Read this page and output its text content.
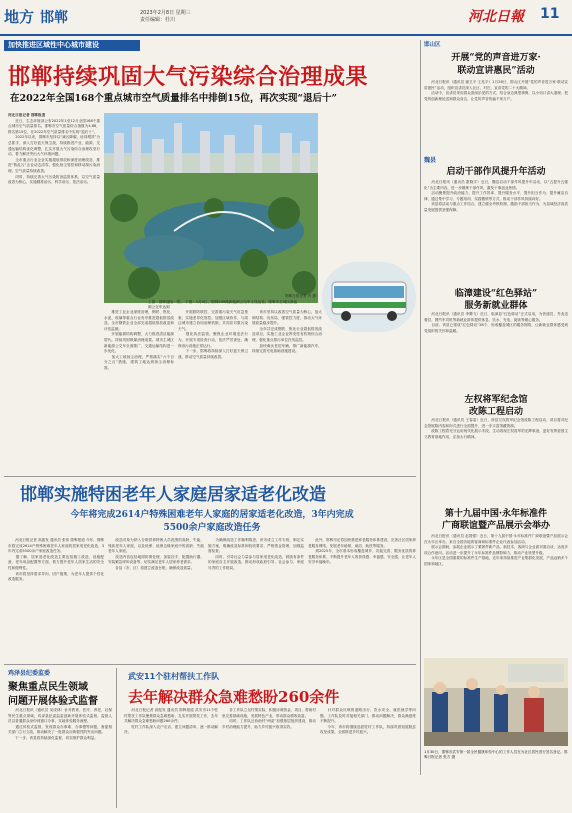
地方 邯郸	2023年2月8日 星期三
责任编辑：杜川	河北日報 11
加快推进区域性中心城市建设	邯山区
邯郸持续巩固大气污染综合治理成果
在2022年全国168个重点城市空气质量排名中排倒15位，再次实现“退后十”
河北日报记者 邯郸报道
　　近日，生态环境部公布2022年1至12月全国168个重点城市空气质量排名。邯郸市空气质量综合指数为4.88，排名第15位，在2022年空气质量排名中实现“退后十”。
　　2022年以来，邯郸市坚持以“减污降碳、协同增效”为总抓手，深入打好蓝天保卫战，持续推进产业、能源、交通运输结构优化调整，扎实开展大气污染综合治理攻坚行动，着力解决突出大气环境问题。
　　全市重点行业企业实施超低排放和深度治理改造，推进“散乱污”企业动态清零，强化扬尘管控和移动源污染治理，空气质量持续改善。
　　同时，持续完善大气污染防治监管体系，以空气质量改善为核心，实施精准治污、科学治污、依法治污。
　　推进工业企业深度治理，钢铁、焦化、水泥、玻璃等重点行业有序推进超低排放改造，全市钢铁企业全部完成超低排放改造和评估监测。
　　开展能源结构调整，大力推进清洁能源替代，持续巩固散煤治理成果。城市主城区新能源公交车全面推广，交通运输结构进一步优化。
　　加大工地扬尘治理，严格落实“六个百分之百”措施，建筑工地达到扬尘治理标准。
　　开展联防联控，完善重污染天气应急预案，实施差异化管控。加强区域协作，与周边城市建立协同治理机制，共同应对重污染天气。
　　强化执法监管，聚焦企业环境违法行为，开展专项检查行动，依法严厉查处，确保治污设施正常运行。
　　下一步，邯郸将持续深入打好蓝天保卫战，推动空气质量持续改善。
　　该市坚持以改善空气质量为核心，加大调结构、优布局、强管控力度，推动大气环境质量稳步提升。
　　全年共完成钢铁、焦化行业超低排放改造项目，实施工业企业挥发性有机物综合治理，强化重点排污单位在线监控。
　　加快淘汰老旧车辆，推广新能源汽车，持续完善充电基础设施建设。
上图：邯郸滏阳一景。 下图：1月3日，邯郸239路新能源公交车上线运营。邯郸市主城区新能源公交车达到
邯郸日报记者 肖 摄
开展“党的声音进万家·
联动宣讲惠民”活动
　　河北日报讯（通讯员 谢卫平 王兆平）1月28日，邯山区开展“党的声音进万家·联动宣讲惠民”活动，组织宣讲员深入社区、村庄，宣讲党的二十大精神。
　　活动中，宣讲员采用群众喜闻乐见的方式，结合身边典型事例，以小切口讲大道理，把党的创新理论送到群众身边，让党的声音传遍千家万户。
魏县
启动干部作风提升年活动
　　河北日报讯（通讯员 霍晓宇）近日，魏县启动干部作风提升年活动，以“五提升五强化”为主要内容，进一步锤炼干部作风，激发干事创业热情。
　　活动聚焦提升政治能力、提升工作效率、提升服务水平、提升担当作为、提升廉洁自律，通过集中学习、专题培训、实践锻炼等方式，推动干部作风持续向好。
　　该县将活动与重点工作结合，建立健全考核机制，激励干部担当作为，为县域经济高质量发展提供坚强保障。
临漳建设“红色驿站”
服务新就业群体
　　河北日报讯（通讯员 李腾飞）近日，临漳县“红色驿站”正式启用，为快递员、外卖送餐员、网约车司机等新就业群体提供休息、饮水、充电、阅读等暖心服务。
　　目前，该县已建成“红色驿站”28个，形成覆盖城区的服务网络，让新就业群体感受到党组织的关怀和温暖。
左权将军纪念馆
改陈工程启动
　　河北日报讯（通讯员 王春雷）近日，涉县左权将军纪念馆改陈工程启动，项目将对纪念馆展陈内容和形式进行全面提升，进一步丰富馆藏资源。
　　改陈工程将充分运用现代化展示手段，生动再现左权将军的光辉事迹，更好发挥爱国主义教育基地作用，弘扬太行精神。
第十九届中国·永年标准件
广商联谊暨产品展示会举办
　　河北日报讯（通讯员 赵国强）近日，第十九届中国·永年标准件广商联谊暨产品展示会在永年区举办，来自全国各地的客商和标准件企业代表参加活动。
　　展示会期间，参展企业展示了紧固件新产品、新技术，客商与企业面对面洽谈，达成多项合作意向。活动进一步提升了永年标准件品牌影响力，推动产业转型升级。
　　永年区是全国重要的标准件生产基地，近年来持续推进产业集群化发展，产品远销多个国家和地区。
1月30日，邯郸市武安第一届全民健康体验中心的工作人员在为社区居民进行签名登记。邯郸日报记者 张方 摄
邯郸实施特困老年人家庭居家适老化改造
今年将完成2614户特殊困难老年人家庭的居家适老化改造，3年内完成
5500余户家庭改造任务
　　河北日报记者 高振发 通讯员 张伟 邯郸报道 今年，邯郸市将完成2614户特殊困难老年人家庭的居家适老化改造，3年内完成5500余户家庭改造任务。
　　据了解，居家适老化改造主要包括施工改造、设施配备、老年用品配置等方面，着力提升老年人居家生活的安全性和便利性。
　　该市将坚持需求导向，因户施策，为老年人提供个性化改造服务。
　　改造对象为纳入分散供养特困人员范围的高龄、失能、残疾老年人家庭，以及低保、低保边缘家庭中的高龄、失能老年人家庭。
　　改造内容包括地面防滑处理、加装扶手、配置助行器、安装紧急呼叫设备等，切实满足老年人居家养老需求。
　　各县（市、区）将建立改造台账，确保改造质量。
　　为确保改造工作顺利推进，该市成立工作专班，制定实施方案，明确改造标准和验收要求，严格资金管理，加强监督检查。
　　同时，引导社会力量参与居家适老化改造，鼓励有条件的家庭自主开展改造，推动形成政府引导、社会参与、家庭尽责的工作格局。
　　此外，邯郸市还将加快推进养老服务体系建设，完善社区居家养老服务网络，发展老年助餐、助浴、助医等服务。
　　到2025年，全市基本形成覆盖城乡、功能完善、服务优质的养老服务体系，不断提升老年人的获得感、幸福感、安全感，让老年人安享幸福晚年。
鸡泽县纪委监委
聚焦重点民生领域
问题开展体验式监督
　　河北日报讯（通讯员 吴成林）针对教育、医疗、养老、社保等民生重点领域，鸡泽县纪委监委创新开展体验式监督，监督人员以普通群众身份到窗口办事，实地体验服务流程。
　　通过体验式监督，发现群众办事难、办事慢等问题，督促相关部门立行立改，推动解决了一批群众反映强烈的突出问题。
　　下一步，该县将持续深化监督，切实维护群众利益。
武安11个驻村帮扶工作队
去年解决群众急难愁盼260余件
　　河北日报记者 高振发 通讯员 邯郸报道 武安市11个驻村帮扶工作队聚焦群众急难愁盼，扎实开展帮扶工作，去年共解决群众急难愁盼问题260余件。
　　驻村工作队深入农户走访，建立问题清单，逐一推动解决。
　　各工作队立足村情实际，积极协调资金、项目，帮助村里完善基础设施，发展特色产业，带动群众增收致富。
　　同时，工作队还协助村“两委”加强基层组织建设，推动乡村治理能力提升，助力乡村振兴取得实效。
　　针对群众反映的道路出行、饮水安全、就医就学等问题，工作队及时对接相关部门，推动问题解决，群众满意度不断提升。
　　今年，该市将继续选派驻村工作队，持续巩固拓展脱贫攻坚成果，全面推进乡村振兴。
